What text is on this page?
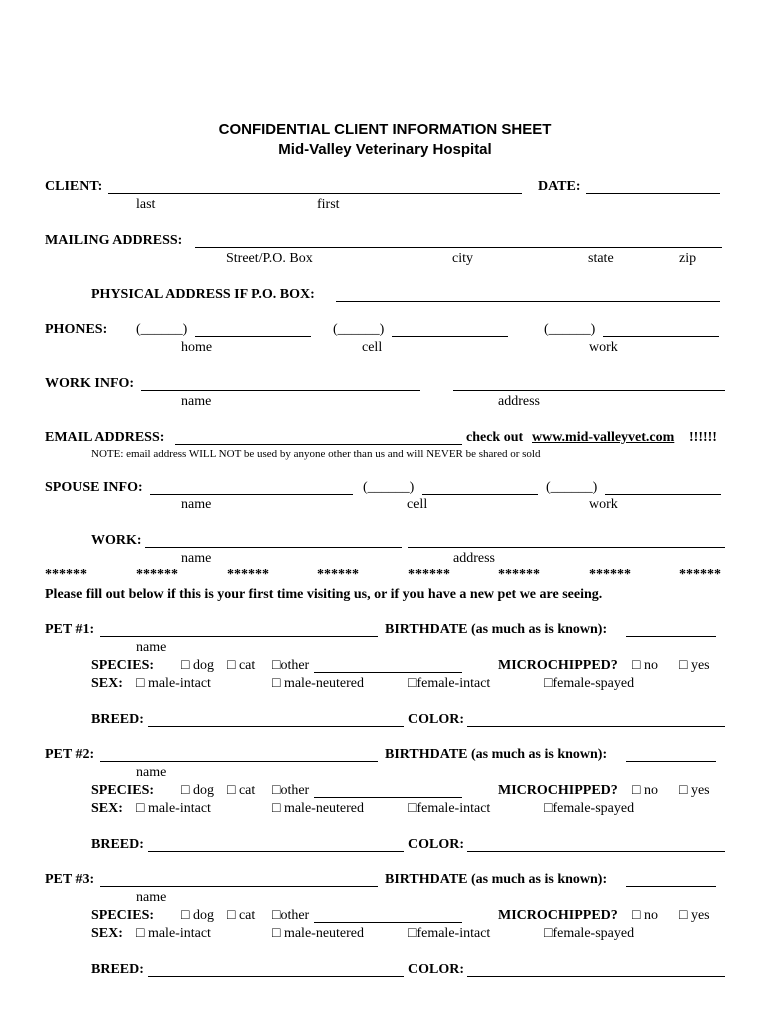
CONFIDENTIAL CLIENT INFORMATION SHEET
Mid-Valley Veterinary Hospital
CLIENT:	DATE:
last	first
MAILING ADDRESS:
Street/P.O. Box	city	state	zip
PHYSICAL ADDRESS IF P.O. BOX:
PHONES: (______)	(______)	(______)
home	cell	work
WORK INFO:
name	address
EMAIL ADDRESS:	check out www.mid-valleyvet.com !!!!!!
NOTE: email address WILL NOT be used by anyone other than us and will NEVER be shared or sold
SPOUSE INFO:	(______)	(______)
name	cell	work
WORK:
name	address
******	******	******	******	******	******	******	******
Please fill out below if this is your first time visiting us, or if you have a new pet we are seeing.
PET #1:	BIRTHDATE (as much as is known):
name
SPECIES: □ dog □ cat □other	MICROCHIPPED? □ no □ yes
SEX: □ male-intact	□ male-neutered	□female-intact	□female-spayed
BREED:	COLOR:
PET #2:	BIRTHDATE (as much as is known):
name
SPECIES: □ dog □ cat □other	MICROCHIPPED? □ no □ yes
SEX: □ male-intact	□ male-neutered	□female-intact	□female-spayed
BREED:	COLOR:
PET #3:	BIRTHDATE (as much as is known):
name
SPECIES: □ dog □ cat □other	MICROCHIPPED? □ no □ yes
SEX: □ male-intact	□ male-neutered	□female-intact	□female-spayed
BREED:	COLOR:
